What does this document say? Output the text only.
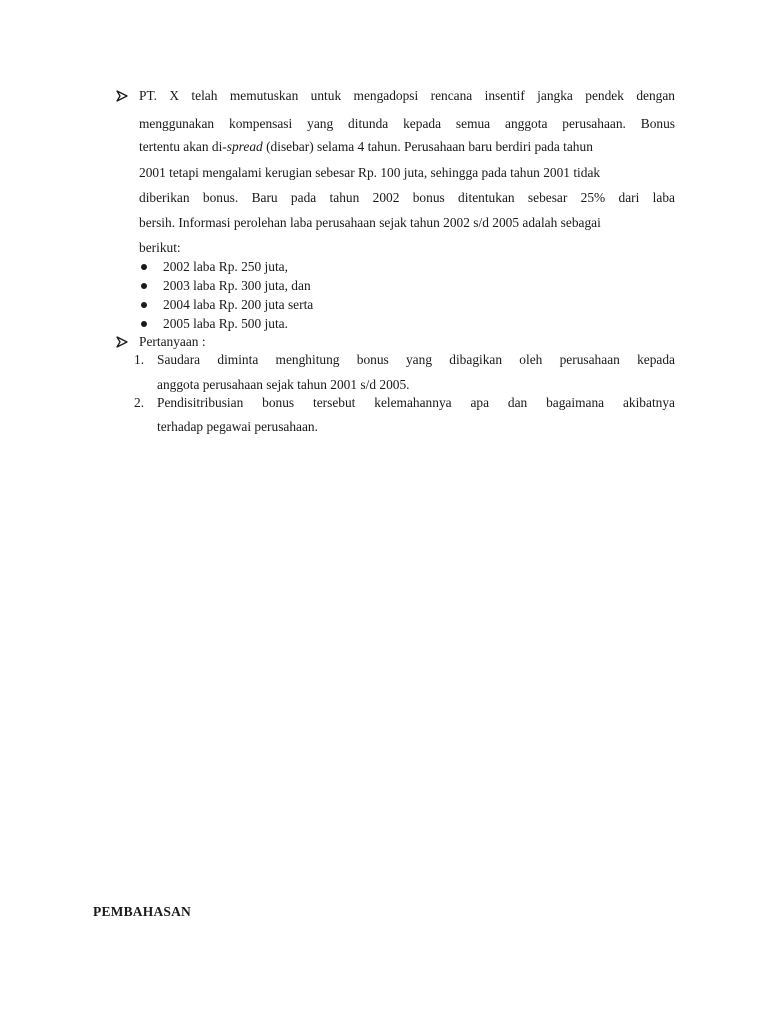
PT. X telah memutuskan untuk mengadopsi rencana insentif jangka pendek dengan
menggunakan kompensasi yang ditunda kepada semua anggota perusahaan. Bonus
tertentu akan di-spread (disebar) selama 4 tahun. Perusahaan baru berdiri pada tahun
2001 tetapi mengalami kerugian sebesar Rp. 100 juta, sehingga pada tahun 2001 tidak
diberikan bonus. Baru pada tahun 2002 bonus ditentukan sebesar 25% dari laba
bersih. Informasi perolehan laba perusahaan sejak tahun 2002 s/d 2005 adalah sebagai
berikut:
2002 laba Rp. 250 juta,
2003 laba Rp. 300 juta, dan
2004 laba Rp. 200 juta serta
2005 laba Rp. 500 juta.
Pertanyaan :
1. Saudara diminta menghitung bonus yang dibagikan oleh perusahaan kepada
anggota perusahaan sejak tahun 2001 s/d 2005.
2. Pendisitribusian bonus tersebut kelemahannya apa dan bagaimana akibatnya
terhadap pegawai perusahaan.
PEMBAHASAN
